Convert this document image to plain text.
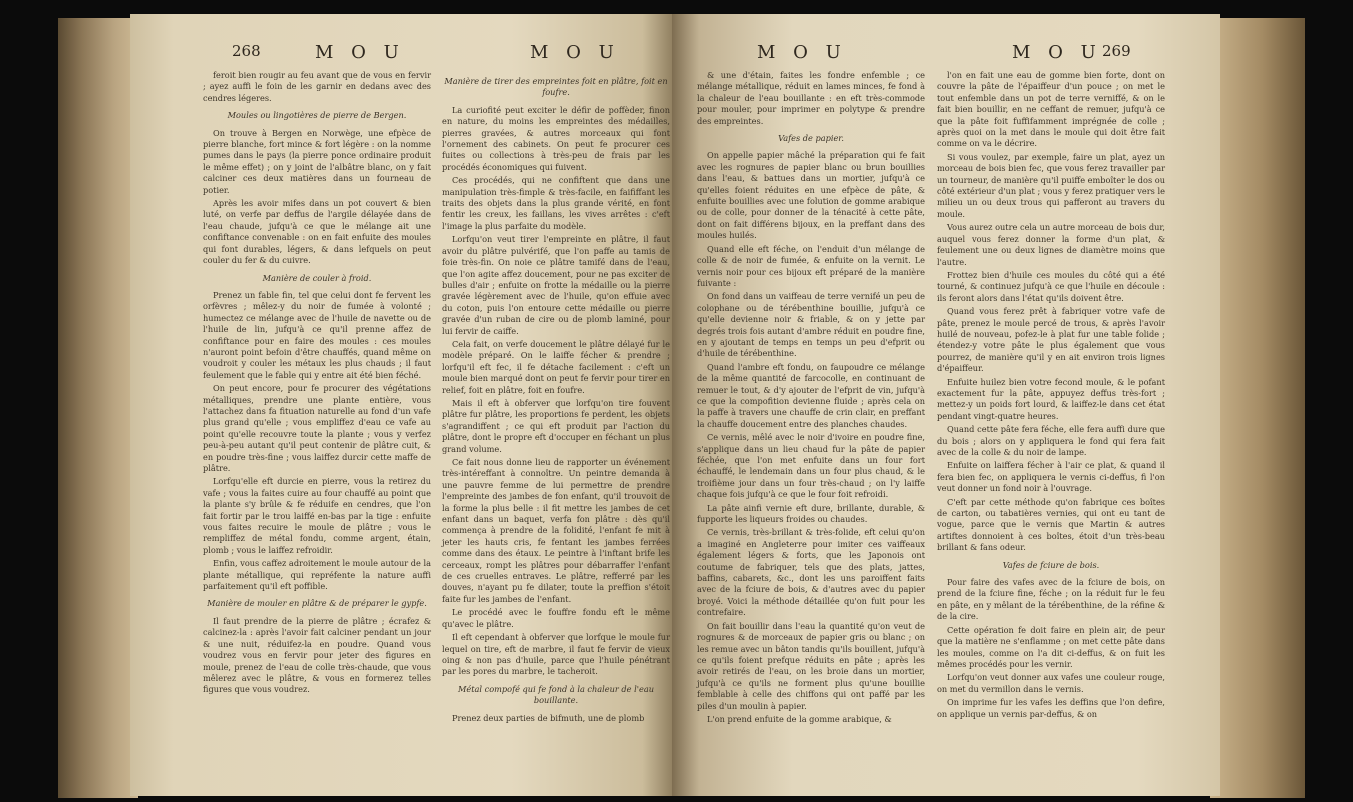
268	M O U	M O U

feroit bien rougir au feu avant que de vous en fervir ; ayez auffi le foin de les garnir en dedans avec des cendres légeres.

Moules ou lingotières de pierre de Bergen.

On trouve à Bergen en Norwège, une efpèce de pierre blanche, fort mince & fort légère : on la nomme pumes dans le pays (la pierre ponce ordinaire produit le même effet) ; on y joint de l'albâtre blanc, on y fait calciner ces deux matières dans un fourneau de potier.

Après les avoir mifes dans un pot couvert & bien luté, on verfe par deffus de l'argile délayée dans de l'eau chaude, jufqu'à ce que le mélange ait une confiftance convenable : on en fait enfuite des moules qui font durables, légers, & dans lefquels on peut couler du fer & du cuivre.

Manière de couler à froid.

Prenez un fable fin, tel que celui dont fe fervent les orfèvres ; mêlez-y du noir de fumée à volonté ; humectez ce mélange avec de l'huile de navette ou de l'huile de lin, jufqu'à ce qu'il prenne affez de confiftance pour en faire des moules : ces moules n'auront point befoin d'être chauffés, quand même on voudroit y couler les métaux les plus chauds ; il faut feulement que le fable qui y entre ait été bien féché.

On peut encore, pour fe procurer des végétations métalliques, prendre une plante entière, vous l'attachez dans fa fituation naturelle au fond d'un vafe plus grand qu'elle ; vous empliffez d'eau ce vafe au point qu'elle recouvre toute la plante ; vous y verfez peu-à-peu autant qu'il peut contenir de plâtre cuit, & en poudre très-fine ; vous laiffez durcir cette maffe de plâtre.

Lorfqu'elle eft durcie en pierre, vous la retirez du vafe ; vous la faites cuire au four chauffé au point que la plante s'y brûle & fe réduife en cendres, que l'on fait fortir par le trou laiffé en-bas par la tige : enfuite vous faites recuire le moule de plâtre ; vous le rempliffez de métal fondu, comme argent, étain, plomb ; vous le laiffez refroidir.

Enfin, vous caffez adroitement le moule autour de la plante métallique, qui repréfente la nature auffi parfaitement qu'il eft poffible.

Manière de mouler en plâtre & de préparer le gypfe.

Il faut prendre de la pierre de plâtre ; écrafez & calcinez-la : après l'avoir fait calciner pendant un jour & une nuit, réduifez-la en poudre. Quand vous voudrez vous en fervir pour jeter des figures en moule, prenez de l'eau de colle très-chaude, que vous mêlerez avec le plâtre, & vous en formerez telles figures que vous voudrez.

Manière de tirer des empreintes foit en plâtre, foit en foufre.

La curiofité peut exciter le défir de poffèder, finon en nature, du moins les empreintes des médailles, pierres gravées, & autres morceaux qui font l'ornement des cabinets. On peut fe procurer ces fuites ou collections à très-peu de frais par les procédés économiques qui fuivent.

Ces procédés, qui ne confiftent que dans une manipulation très-fimple & très-facile, en faififfant les traits des objets dans la plus grande vérité, en font fentir les creux, les faillans, les vives arrêtes : c'eft l'image la plus parfaite du modèle.

Lorfqu'on veut tirer l'empreinte en plâtre, il faut avoir du plâtre pulvérifé, que l'on paffe au tamis de foie très-fin. On noie ce plâtre tamifé dans de l'eau, que l'on agite affez doucement, pour ne pas exciter de bulles d'air ; enfuite on frotte la médaille ou la pierre gravée légèrement avec de l'huile, qu'on effuie avec du coton, puis l'on entoure cette médaille ou pierre gravée d'un ruban de cire ou de plomb laminé, pour lui fervir de caiffe.

Cela fait, on verfe doucement le plâtre délayé fur le modèle préparé. On le laiffe fécher & prendre ; lorfqu'il eft fec, il fe détache facilement : c'eft un moule bien marqué dont on peut fe fervir pour tirer en relief, foit en plâtre, foit en foufre.

Mais il eft à obferver que lorfqu'on tire fouvent plâtre fur plâtre, les proportions fe perdent, les objets s'agrandiffent ; ce qui eft produit par l'action du plâtre, dont le propre eft d'occuper en féchant un plus grand volume.

Ce fait nous donne lieu de rapporter un événement très-intéreffant à connoître. Un peintre demanda à une pauvre femme de lui permettre de prendre l'empreinte des jambes de fon enfant, qu'il trouvoit de la forme la plus belle : il fit mettre les jambes de cet enfant dans un baquet, verfa fon plâtre : dès qu'il commença à prendre de la folidité, l'enfant fe mit à jeter les hauts cris, fe fentant les jambes ferrées comme dans des étaux. Le peintre à l'inftant brife les cerceaux, rompt les plâtres pour débarraffer l'enfant de ces cruelles entraves. Le plâtre, refferré par les douves, n'ayant pu fe dilater, toute la preffion s'étoit faite fur les jambes de l'enfant.

Le procédé avec le fouffre fondu eft le même qu'avec le plâtre.

Il eft cependant à obferver que lorfque le moule fur lequel on tire, eft de marbre, il faut fe fervir de vieux oing & non pas d'huile, parce que l'huile pénétrant par les pores du marbre, le tacheroit.

Métal compofé qui fe fond à la chaleur de l'eau bouillante.

Prenez deux parties de bifmuth, une de plomb

M O U	M O U 269

& une d'étain, faites les fondre enfemble ; ce mélange métallique, réduit en lames minces, fe fond à la chaleur de l'eau bouillante : en eft très-commode pour mouler, pour imprimer en polytype & prendre des empreintes.

Vafes de papier.

On appelle papier mâché la préparation qui fe fait avec les rognures de papier blanc ou brun bouillies dans l'eau, & battues dans un mortier, jufqu'à ce qu'elles foient réduites en une efpèce de pâte, & enfuite bouillies avec une folution de gomme arabique ou de colle, pour donner de la ténacité à cette pâte, dont on fait différens bijoux, en la preffant dans des moules huilés.

Quand elle eft féche, on l'enduit d'un mélange de colle & de noir de fumée, & enfuite on la vernit. Le vernis noir pour ces bijoux eft préparé de la manière fuivante :

On fond dans un vaiffeau de terre vernifé un peu de colophane ou de térébenthine bouillie, jufqu'à ce qu'elle devienne noir & friable, & on y jette par degrés trois fois autant d'ambre réduit en poudre fine, en y ajoutant de temps en temps un peu d'efprit ou d'huile de térébenthine.

Quand l'ambre eft fondu, on faupoudre ce mélange de la même quantité de farcocolle, en continuant de remuer le tout, & d'y ajouter de l'efprit de vin, jufqu'à ce que la compofition devienne fluide ; après cela on la paffe à travers une chauffe de crin clair, en preffant la chauffe doucement entre des planches chaudes.

Ce vernis, mêlé avec le noir d'ivoire en poudre fine, s'applique dans un lieu chaud fur la pâte de papier féchée, que l'on met enfuite dans un four fort échauffé, le lendemain dans un four plus chaud, & le troifième jour dans un four très-chaud ; on l'y laiffe chaque fois jufqu'à ce que le four foit refroidi.

La pâte ainfi vernie eft dure, brillante, durable, & fupporte les liqueurs froides ou chaudes.

Ce vernis, très-brillant & très-folide, eft celui qu'on a imaginé en Angleterre pour imiter ces vaiffeaux également légers & forts, que les Japonois ont coutume de fabriquer, tels que des plats, jattes, baffins, cabarets, &c., dont les uns paroiffent faits avec de la fciure de bois, & d'autres avec du papier broyé. Voici la méthode détaillée qu'on fuit pour les contrefaire.

On fait bouillir dans l'eau la quantité qu'on veut de rognures & de morceaux de papier gris ou blanc ; on les remue avec un bâton tandis qu'ils bouillent, jufqu'à ce qu'ils foient prefque réduits en pâte ; après les avoir retirés de l'eau, on les broie dans un mortier, jufqu'à ce qu'ils ne forment plus qu'une bouillie femblable à celle des chiffons qui ont paffé par les piles d'un moulin à papier.

L'on prend enfuite de la gomme arabique, &

l'on en fait une eau de gomme bien forte, dont on couvre la pâte de l'épaiffeur d'un pouce ; on met le tout enfemble dans un pot de terre verniffé, & on le fait bien bouillir, en ne ceffant de remuer, jufqu'à ce que la pâte foit fuffifamment imprégnée de colle ; après quoi on la met dans le moule qui doit être fait comme on va le décrire.

Si vous voulez, par exemple, faire un plat, ayez un morceau de bois bien fec, que vous ferez travailler par un tourneur, de manière qu'il puiffe emboîter le dos ou côté extérieur d'un plat ; vous y ferez pratiquer vers le milieu un ou deux trous qui pafferont au travers du moule.

Vous aurez outre cela un autre morceau de bois dur, auquel vous ferez donner la forme d'un plat, & feulement une ou deux lignes de diamètre moins que l'autre.

Frottez bien d'huile ces moules du côté qui a été tourné, & continuez jufqu'à ce que l'huile en découle : ils feront alors dans l'état qu'ils doivent être.

Quand vous ferez prêt à fabriquer votre vafe de pâte, prenez le moule percé de trous, & après l'avoir huilé de nouveau, pofez-le à plat fur une table folide ; étendez-y votre pâte le plus également que vous pourrez, de manière qu'il y en ait environ trois lignes d'épaiffeur.

Enfuite huilez bien votre fecond moule, & le pofant exactement fur la pâte, appuyez deffus très-fort ; mettez-y un poids fort lourd, & laiffez-le dans cet état pendant vingt-quatre heures.

Quand cette pâte fera féche, elle fera auffi dure que du bois ; alors on y appliquera le fond qui fera fait avec de la colle & du noir de lampe.

Enfuite on laiffera fécher à l'air ce plat, & quand il fera bien fec, on appliquera le vernis ci-deffus, fi l'on veut donner un fond noir à l'ouvrage.

C'eft par cette méthode qu'on fabrique ces boîtes de carton, ou tabatières vernies, qui ont eu tant de vogue, parce que le vernis que Martin & autres artiftes donnoient à ces boîtes, étoit d'un très-beau brillant & fans odeur.

Vafes de fciure de bois.

Pour faire des vafes avec de la fciure de bois, on prend de la fciure fine, féche ; on la réduit fur le feu en pâte, en y mêlant de la térébenthine, de la réfine & de la cire.

Cette opération fe doit faire en plein air, de peur que la matière ne s'enflamme ; on met cette pâte dans les moules, comme on l'a dit ci-deffus, & on fuit les mêmes procédés pour les vernir.

Lorfqu'on veut donner aux vafes une couleur rouge, on met du vermillon dans le vernis.

On imprime fur les vafes les deffins que l'on defire, on applique un vernis par-deffus, & on
